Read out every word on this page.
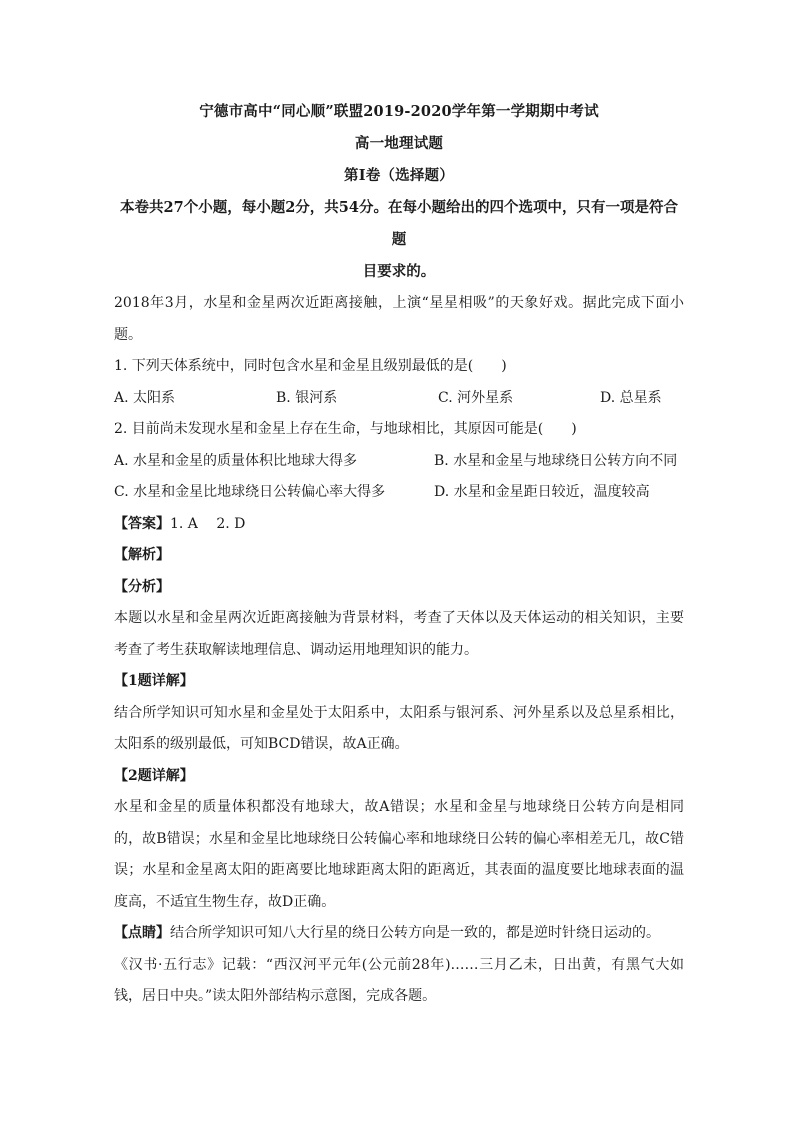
宁德市高中“同心顺”联盟2019-2020学年第一学期期中考试
高一地理试题
第Ⅰ卷（选择题）
本卷共27个小题，每小题2分，共54分。在每小题给出的四个选项中，只有一项是符合题
目要求的。

2018年3月，水星和金星两次近距离接触，上演“星星相吸”的天象好戏。据此完成下面小题。

1. 下列天体系统中，同时包含水星和金星且级别最低的是(　　)

A. 太阳系	B. 银河系	C. 河外星系	D. 总星系

2. 目前尚未发现水星和金星上存在生命，与地球相比，其原因可能是(　　)

A. 水星和金星的质量体积比地球大得多	B. 水星和金星与地球绕日公转方向不同
C. 水星和金星比地球绕日公转偏心率大得多	D. 水星和金星距日较近，温度较高

【答案】1. A　 2. D

【解析】

【分析】

本题以水星和金星两次近距离接触为背景材料，考查了天体以及天体运动的相关知识，主要考查了考生获取解读地理信息、调动运用地理知识的能力。

【1题详解】

结合所学知识可知水星和金星处于太阳系中，太阳系与银河系、河外星系以及总星系相比，太阳系的级别最低，可知BCD错误，故A正确。

【2题详解】

水星和金星的质量体积都没有地球大，故A错误；水星和金星与地球绕日公转方向是相同的，故B错误；水星和金星比地球绕日公转偏心率和地球绕日公转的偏心率相差无几，故C错误；水星和金星离太阳的距离要比地球距离太阳的距离近，其表面的温度要比地球表面的温度高，不适宜生物生存，故D正确。

【点睛】结合所学知识可知八大行星的绕日公转方向是一致的，都是逆时针绕日运动的。

《汉书·五行志》记载：“西汉河平元年(公元前28年)……三月乙未，日出黄，有黑气大如钱，居日中央。”读太阳外部结构示意图，完成各题。
